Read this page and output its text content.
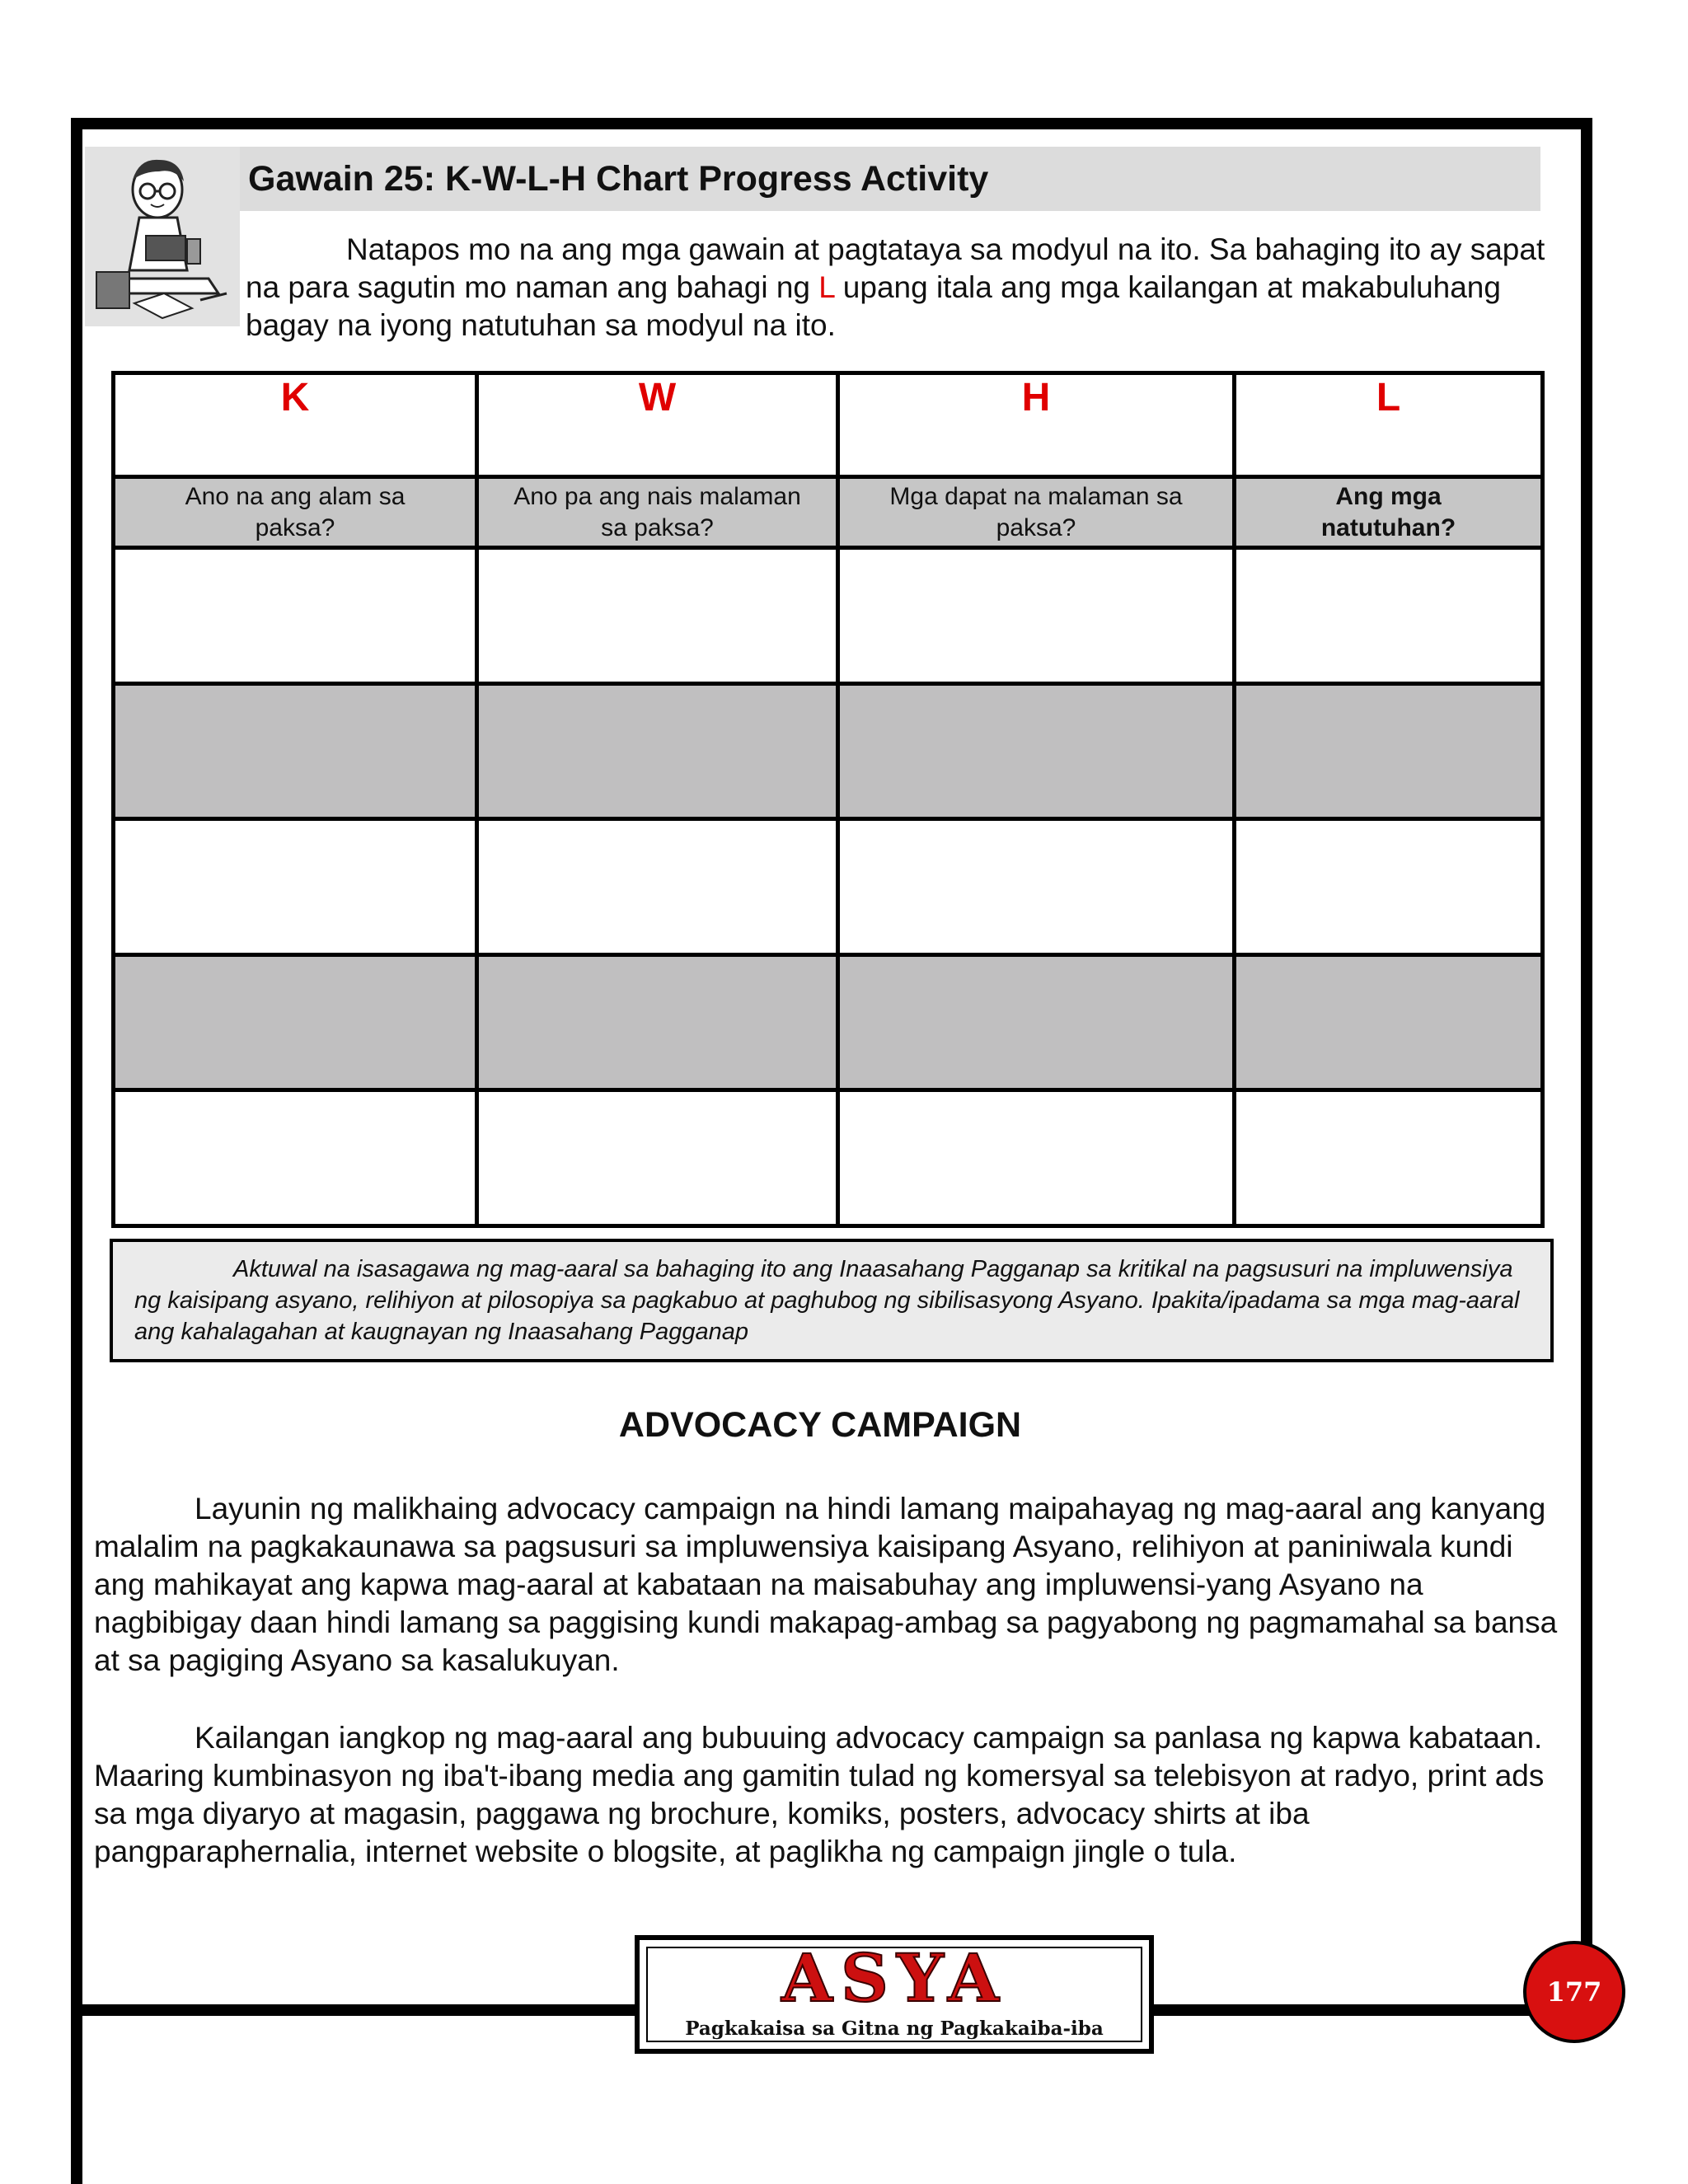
Gawain 25: K-W-L-H Chart Progress Activity
Natapos mo na ang mga gawain at pagtataya sa modyul na ito. Sa bahaging ito ay sapat na para sagutin mo naman ang bahagi ng L upang itala ang mga kailangan at makabuluhang bagay na iyong natutuhan sa modyul na ito.
K	W	H	L
Ano na ang alam sa paksa?	Ano pa ang nais malaman sa paksa?	Mga dapat na malaman sa paksa?	Ang mga natutuhan?

Aktuwal na isasagawa ng mag-aaral sa bahaging ito ang Inaasahang Pagganap sa kritikal na pagsusuri na impluwensiya ng kaisipang asyano, relihiyon at pilosopiya sa pagkabuo at paghubog ng sibilisasyong Asyano. Ipakita/ipadama sa mga mag-aaral ang kahalagahan at kaugnayan ng Inaasahang Pagganap
ADVOCACY CAMPAIGN
Layunin ng malikhaing advocacy campaign na hindi lamang maipahayag ng mag-aaral ang kanyang malalim na pagkakaunawa sa pagsusuri sa impluwensiya kaisipang Asyano, relihiyon at paniniwala kundi ang mahikayat ang kapwa mag-aaral at kabataan na maisabuhay ang impluwensi-yang Asyano na nagbibigay daan hindi lamang sa paggising kundi makapag-ambag sa pagyabong ng pagmamahal sa bansa at sa pagiging Asyano sa kasalukuyan.
Kailangan iangkop ng mag-aaral ang bubuuing advocacy campaign sa panlasa ng kapwa kabataan. Maaring kumbinasyon ng iba't-ibang media ang gamitin tulad ng komersyal sa telebisyon at radyo, print ads sa mga diyaryo at magasin, paggawa ng brochure, komiks, posters, advocacy shirts at iba pangparaphernalia, internet website o blogsite, at paglikha ng campaign jingle o tula.
ASYA
Pagkakaisa sa Gitna ng Pagkakaiba-iba
177
